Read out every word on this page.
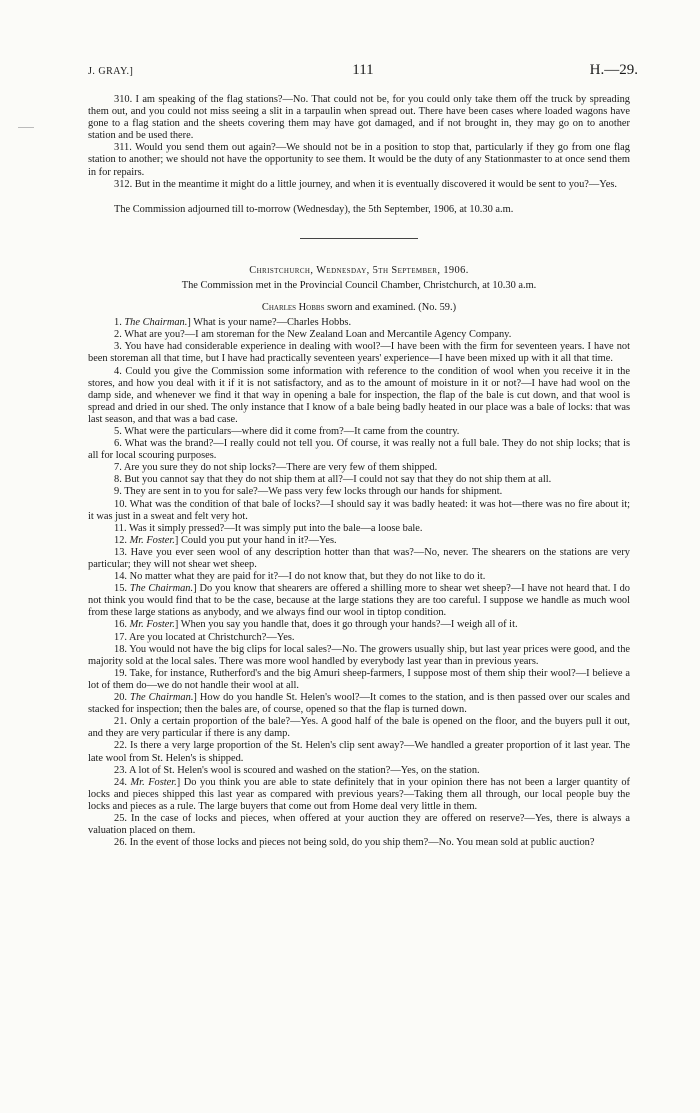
J. GRAY.]	111	H.—29.

310. I am speaking of the flag stations?—No. That could not be, for you could only take them off the truck by spreading them out, and you could not miss seeing a slit in a tarpaulin when spread out. There have been cases where loaded wagons have gone to a flag station and the sheets covering them may have got damaged, and if not brought in, they may go on to another station and be used there.

311. Would you send them out again?—We should not be in a position to stop that, particularly if they go from one flag station to another; we should not have the opportunity to see them. It would be the duty of any Stationmaster to at once send them in for repairs.

312. But in the meantime it might do a little journey, and when it is eventually discovered it would be sent to you?—Yes.

The Commission adjourned till to-morrow (Wednesday), the 5th September, 1906, at 10.30 a.m.

Christchurch, Wednesday, 5th September, 1906.

The Commission met in the Provincial Council Chamber, Christchurch, at 10.30 a.m.

Charles Hobbs sworn and examined. (No. 59.)

1. The Chairman.] What is your name?—Charles Hobbs.

2. What are you?—I am storeman for the New Zealand Loan and Mercantile Agency Company.

3. You have had considerable experience in dealing with wool?—I have been with the firm for seventeen years. I have not been storeman all that time, but I have had practically seventeen years' experience—I have been mixed up with it all that time.

4. Could you give the Commission some information with reference to the condition of wool when you receive it in the stores, and how you deal with it if it is not satisfactory, and as to the amount of moisture in it or not?—I have had wool on the damp side, and whenever we find it that way in opening a bale for inspection, the flap of the bale is cut down, and that wool is spread and dried in our shed. The only instance that I know of a bale being badly heated in our place was a bale of locks: that was last season, and that was a bad case.

5. What were the particulars—where did it come from?—It came from the country.

6. What was the brand?—I really could not tell you. Of course, it was really not a full bale. They do not ship locks; that is all for local scouring purposes.

7. Are you sure they do not ship locks?—There are very few of them shipped.

8. But you cannot say that they do not ship them at all?—I could not say that they do not ship them at all.

9. They are sent in to you for sale?—We pass very few locks through our hands for shipment.

10. What was the condition of that bale of locks?—I should say it was badly heated: it was hot—there was no fire about it; it was just in a sweat and felt very hot.

11. Was it simply pressed?—It was simply put into the bale—a loose bale.

12. Mr. Foster.] Could you put your hand in it?—Yes.

13. Have you ever seen wool of any description hotter than that was?—No, never. The shearers on the stations are very particular; they will not shear wet sheep.

14. No matter what they are paid for it?—I do not know that, but they do not like to do it.

15. The Chairman.] Do you know that shearers are offered a shilling more to shear wet sheep?—I have not heard that. I do not think you would find that to be the case, because at the large stations they are too careful. I suppose we handle as much wool from these large stations as anybody, and we always find our wool in tiptop condition.

16. Mr. Foster.] When you say you handle that, does it go through your hands?—I weigh all of it.

17. Are you located at Christchurch?—Yes.

18. You would not have the big clips for local sales?—No. The growers usually ship, but last year prices were good, and the majority sold at the local sales. There was more wool handled by everybody last year than in previous years.

19. Take, for instance, Rutherford's and the big Amuri sheep-farmers, I suppose most of them ship their wool?—I believe a lot of them do—we do not handle their wool at all.

20. The Chairman.] How do you handle St. Helen's wool?—It comes to the station, and is then passed over our scales and stacked for inspection; then the bales are, of course, opened so that the flap is turned down.

21. Only a certain proportion of the bale?—Yes. A good half of the bale is opened on the floor, and the buyers pull it out, and they are very particular if there is any damp.

22. Is there a very large proportion of the St. Helen's clip sent away?—We handled a greater proportion of it last year. The late wool from St. Helen's is shipped.

23. A lot of St. Helen's wool is scoured and washed on the station?—Yes, on the station.

24. Mr. Foster.] Do you think you are able to state definitely that in your opinion there has not been a larger quantity of locks and pieces shipped this last year as compared with previous years?—Taking them all through, our local people buy the locks and pieces as a rule. The large buyers that come out from Home deal very little in them.

25. In the case of locks and pieces, when offered at your auction they are offered on reserve?—Yes, there is always a valuation placed on them.

26. In the event of those locks and pieces not being sold, do you ship them?—No. You mean sold at public auction?
